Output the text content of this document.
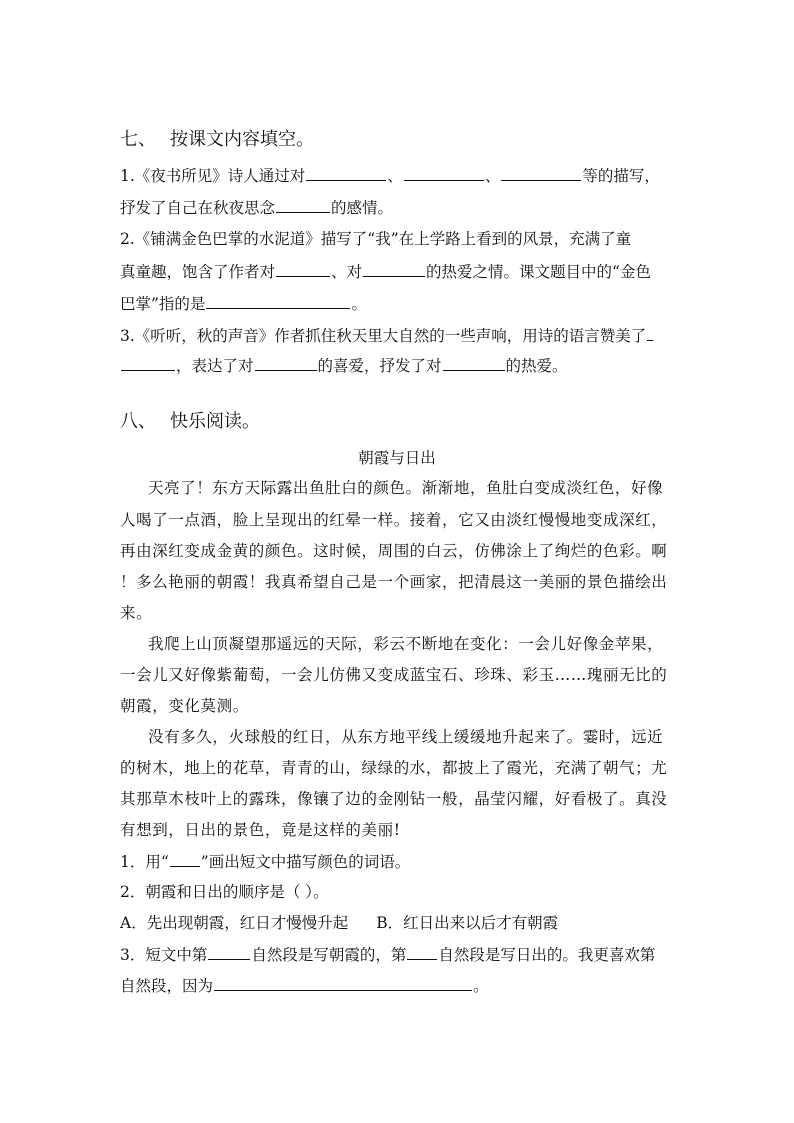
七、 按课文内容填空。
1.《夜书所见》诗人通过对	、	、	等的描写，
抒发了自己在秋夜思念	的感情。
2.《铺满金色巴掌的水泥道》描写了“我”在上学路上看到的风景，充满了童
真童趣，饱含了作者对	、对	的热爱之情。课文题目中的“金色
巴掌”指的是	。
3.《听听，秋的声音》作者抓住秋天里大自然的一些声响，用诗的语言赞美了
，表达了对	的喜爱，抒发了对	的热爱。
八、 快乐阅读。
朝霞与日出
天亮了！东方天际露出鱼肚白的颜色。渐渐地，鱼肚白变成淡红色，好像
人喝了一点酒，脸上呈现出的红晕一样。接着，它又由淡红慢慢地变成深红，
再由深红变成金黄的颜色。这时候，周围的白云，仿佛涂上了绚烂的色彩。啊
！多么艳丽的朝霞！我真希望自己是一个画家，把清晨这一美丽的景色描绘出
来。
我爬上山顶凝望那遥远的天际，彩云不断地在变化：一会儿好像金苹果，
一会儿又好像紫葡萄，一会儿仿佛又变成蓝宝石、珍珠、彩玉……瑰丽无比的
朝霞，变化莫测。
没有多久，火球般的红日，从东方地平线上缓缓地升起来了。霎时，远近
的树木，地上的花草，青青的山，绿绿的水，都披上了霞光，充满了朝气；尤
其那草木枝叶上的露珠，像镶了边的金刚钻一般，晶莹闪耀，好看极了。真没
有想到，日出的景色，竟是这样的美丽!
1．用“ ”画出短文中描写颜色的词语。
2．朝霞和日出的顺序是（ ）。
A．先出现朝霞，红日才慢慢升起 B．红日出来以后才有朝霞
3．短文中第	自然段是写朝霞的，第 自然段是写日出的。我更喜欢第
自然段，因为	。
